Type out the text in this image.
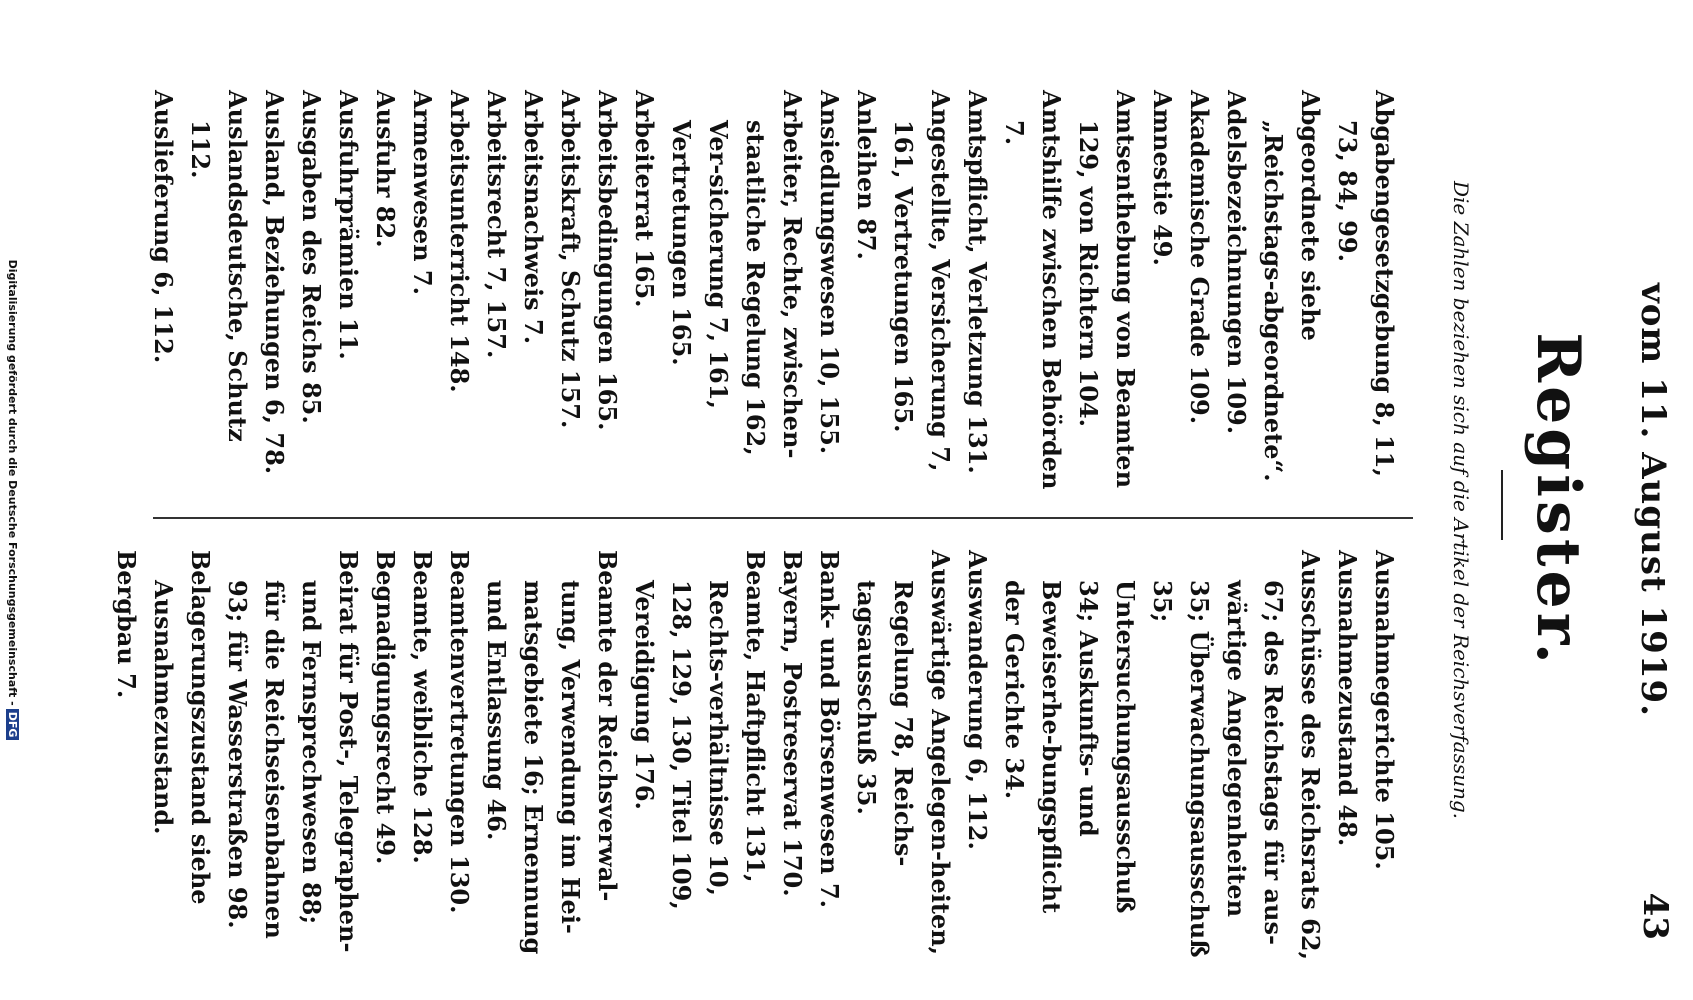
vom 11. August 1919.
43
Register.
Die Zahlen beziehen sich auf die Artikel der Reichsverfassung.

Abgabengesetzgebung 8, 11, 73, 84, 99.

Abgeordnete siehe „Reichstags-abgeordnete“.

Adelsbezeichnungen 109.

Akademische Grade 109.

Amnestie 49.

Amtsenthebung von Beamten 129, von Richtern 104.

Amtshilfe zwischen Behörden 7.

Amtspflicht, Verletzung 131.

Angestellte, Versicherung 7, 161, Vertretungen 165.

Anleihen 87.

Ansiedlungswesen 10, 155.

Arbeiter, Rechte, zwischen-staatliche Regelung 162, Ver-sicherung 7, 161, Vertretungen 165.

Arbeiterrat 165.

Arbeitsbedingungen 165.

Arbeitskraft, Schutz 157.

Arbeitsnachweis 7.

Arbeitsrecht 7, 157.

Arbeitsunterricht 148.

Armenwesen 7.

Ausfuhr 82.

Ausfuhrprämien 11.

Ausgaben des Reichs 85.

Ausland, Beziehungen 6, 78.

Auslandsdeutsche, Schutz 112.

Auslieferung 6, 112.

Ausnahmegerichte 105.

Ausnahmezustand 48.

Ausschüsse des Reichsrats 62, 67; des Reichstags für aus-wärtige Angelegenheiten 35; Überwachungsausschuß 35; Untersuchungsausschuß 34; Auskunfts- und Beweiserhe-bungspflicht der Gerichte 34.

Auswanderung 6, 112.

Auswärtige Angelegen-heiten, Regelung 78, Reichs-tagsausschuß 35.

Bank- und Börsenwesen 7.

Bayern, Postreservat 170.

Beamte, Haftpflicht 131, Rechts-verhältnisse 10, 128, 129, 130, Titel 109, Vereidigung 176.

Beamte der Reichsverwal-tung, Verwendung im Hei-matsgebiete 16; Ernennung und Entlassung 46.

Beamtenvertretungen 130.

Beamte, weibliche 128.

Begnadigungsrecht 49.

Beirat für Post-, Telegraphen- und Fernsprechwesen 88; für die Reichseisenbahnen 93; für Wasserstraßen 98.

Belagerungszustand siehe Ausnahmezustand.

Bergbau 7.

Digitalisierung gefördert durch die Deutsche Forschungsgemeinschaft -DFG
